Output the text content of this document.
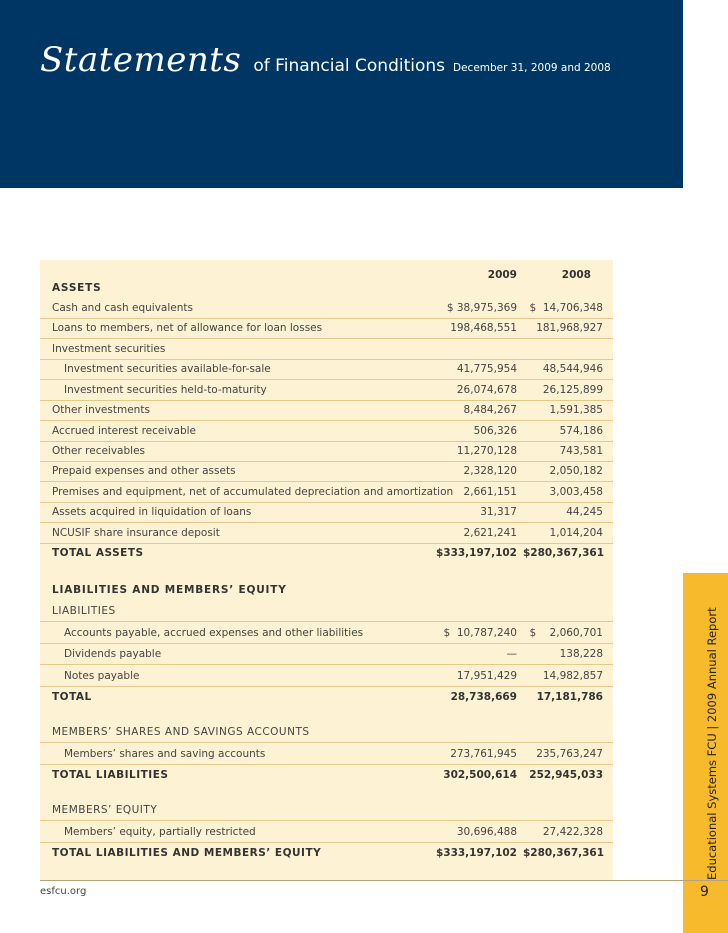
Statements of Financial Conditions December 31, 2009 and 2008
2009	2008
ASSETS
Cash and cash equivalents	$ 38,975,369	$  14,706,348
Loans to members, net of allowance for loan losses	198,468,551	181,968,927
Investment securities
Investment securities available-for-sale	41,775,954	48,544,946
Investment securities held-to-maturity	26,074,678	26,125,899
Other investments	8,484,267	1,591,385
Accrued interest receivable	506,326	574,186
Other receivables	11,270,128	743,581
Prepaid expenses and other assets	2,328,120	2,050,182
Premises and equipment, net of accumulated depreciation and amortization 2,661,151	3,003,458
Assets acquired in liquidation of loans	31,317	44,245
NCUSIF share insurance deposit	2,621,241	1,014,204
TOTAL ASSETS	$333,197,102 $280,367,361
LIABILITIES AND MEMBERS’ EQUITY
LIABILITIES
Accounts payable, accrued expenses and other liabilities	$  10,787,240	$    2,060,701
Dividends payable	—	138,228
Notes payable	17,951,429	14,982,857
TOTAL	28,738,669	17,181,786
MEMBERS’ SHARES AND SAVINGS ACCOUNTS
Members’ shares and saving accounts	273,761,945	235,763,247
TOTAL LIABILITIES	302,500,614	252,945,033
MEMBERS’ EQUITY
Members’ equity, partially restricted	30,696,488	27,422,328
TOTAL LIABILITIES AND MEMBERS’ EQUITY	$333,197,102 $280,367,361	Educational Systems FCU | 2009 Annual Report
esfcu.org	9
